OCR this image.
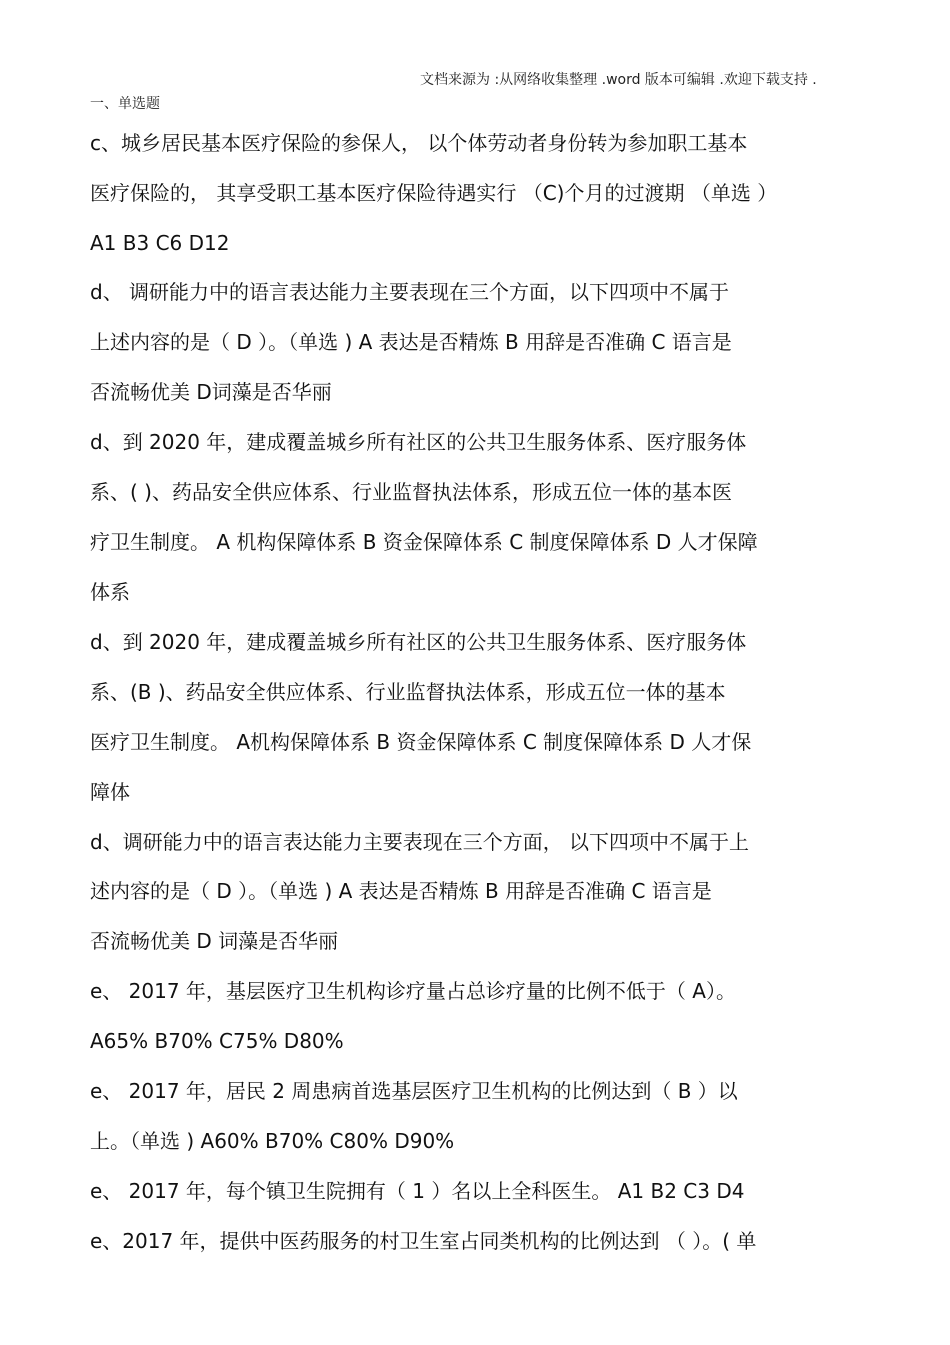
文档来源为 :从网络收集整理 .word 版本可编辑 .欢迎下载支持 .
一、单选题
c、城乡居民基本医疗保险的参保人， 以个体劳动者身份转为参加职工基本
医疗保险的， 其享受职工基本医疗保险待遇实行 （C)个月的过渡期 （单选 ）
A1 B3 C6 D12
d、 调研能力中的语言表达能力主要表现在三个方面，以下四项中不属于
上述内容的是（ D ）。（单选 ) A 表达是否精炼 B 用辞是否准确 C 语言是
否流畅优美 D词藻是否华丽
d、到 2020 年，建成覆盖城乡所有社区的公共卫生服务体系、医疗服务体
系、( )、药品安全供应体系、行业监督执法体系，形成五位一体的基本医
疗卫生制度。 A 机构保障体系 B 资金保障体系 C 制度保障体系 D 人才保障
体系
d、到 2020 年，建成覆盖城乡所有社区的公共卫生服务体系、医疗服务体
系、(B )、药品安全供应体系、行业监督执法体系，形成五位一体的基本
医疗卫生制度。 A机构保障体系 B 资金保障体系 C 制度保障体系 D 人才保
障体
d、调研能力中的语言表达能力主要表现在三个方面， 以下四项中不属于上
述内容的是（ D ）。（单选 ) A 表达是否精炼 B 用辞是否准确 C 语言是
否流畅优美 D 词藻是否华丽
e、 2017 年，基层医疗卫生机构诊疗量占总诊疗量的比例不低于（ A）。
A65% B70% C75% D80%
e、 2017 年，居民 2 周患病首选基层医疗卫生机构的比例达到（ B ）以
上。（单选 ) A60% B70% C80% D90%
e、 2017 年，每个镇卫生院拥有（ 1 ）名以上全科医生。 A1 B2 C3 D4
e、2017 年，提供中医药服务的村卫生室占同类机构的比例达到 （ ）。( 单
